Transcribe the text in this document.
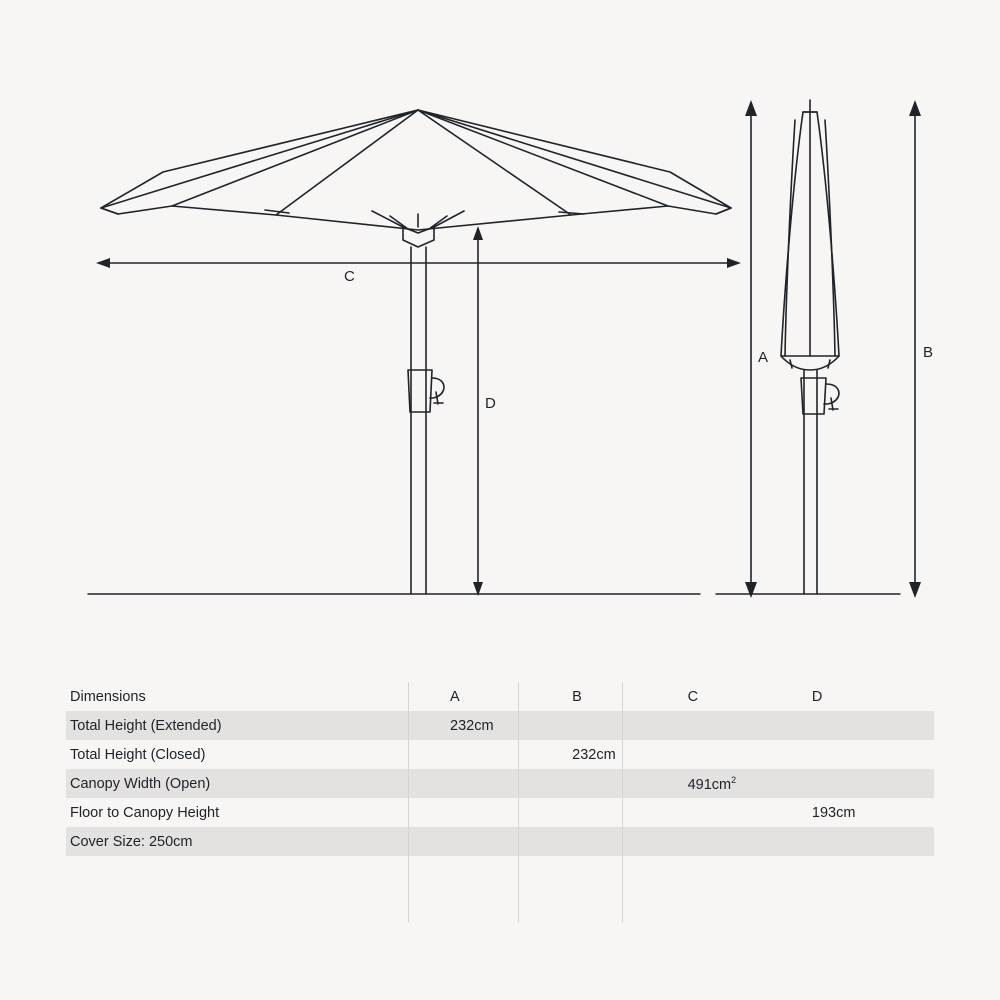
C
D
A	B
Dimensions	A	B	C	D
Total Height (Extended)	232cm			
Total Height (Closed)		232cm		
Canopy Width (Open)			$491cm^2$	
Floor to Canopy Height				193cm
Cover Size: 250cm				
